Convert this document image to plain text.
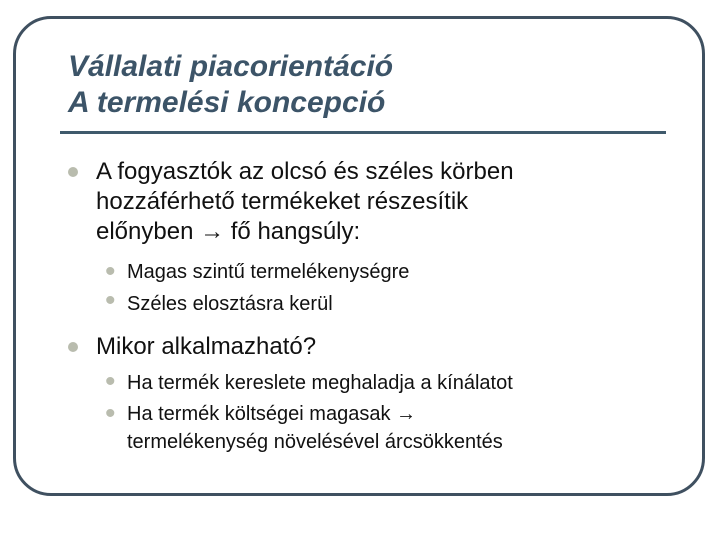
Vállalati piacorientáció
A termelési koncepció
A fogyasztók az olcsó és széles körben
hozzáférhető termékeket részesítik
előnyben → fő hangsúly:
• Magas szintű termelékenységre
• Széles elosztásra kerül
Mikor alkalmazható?
• Ha termék kereslete meghaladja a kínálatot
• Ha termék költségei magasak →
termelékenység növelésével árcsökkentés
